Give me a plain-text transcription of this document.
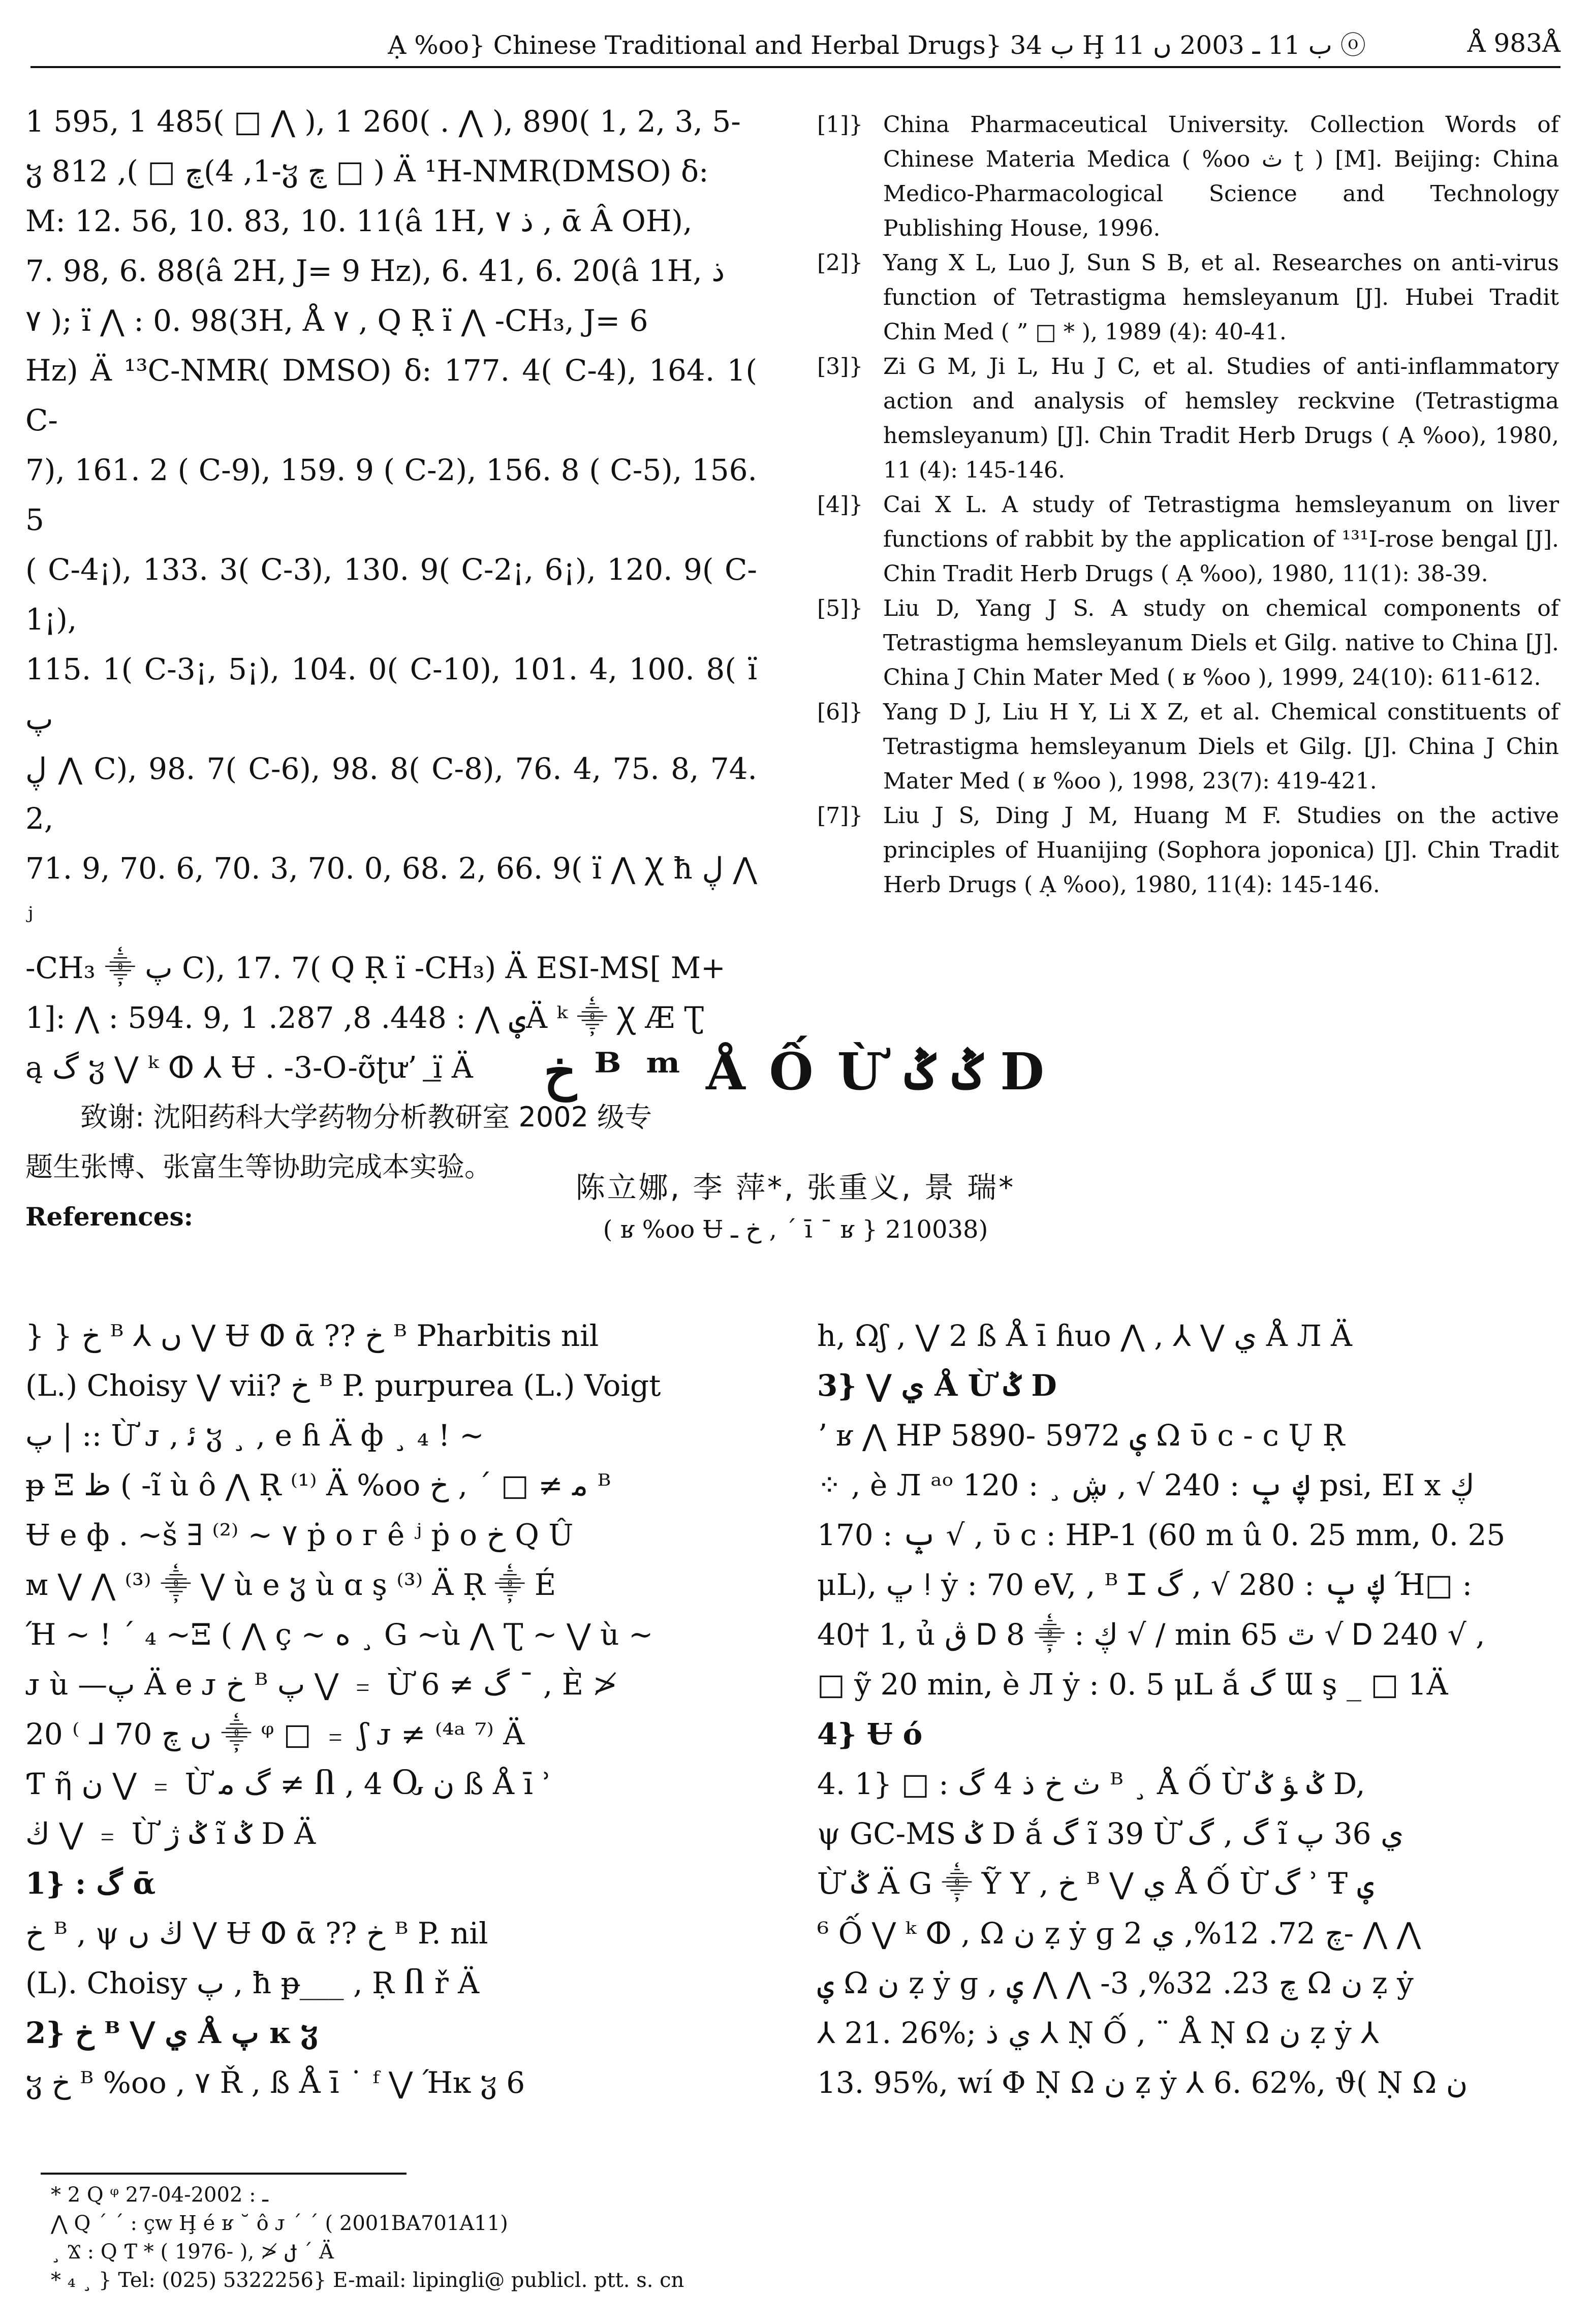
Ạ %oo} Chinese Traditional and Herbal Drugs} ب 34 Ḩ ب 11 ـ 2003 ں 11 ⓞ	Å 983Å

1 595, 1 485( □ ⋀ ), 1 260( . ⋀ ), 890( 1, 2, 3, 5-

ჳ چ □ ), 812(1, 4-ჳ چ □ ) Ä ¹H-NMR(DMSO) δ:

M: 12. 56, 10. 83, 10. 11(â 1H, ذ ۷ , ᾱ Â OH),

7. 98, 6. 88(â 2H, J= 9 Hz), 6. 41, 6. 20(â 1H, ذ

۷ ); ï ⋀ : 0. 98(3H, Å ۷ , Q Ṛ ï ⋀ -CH₃, J= 6

Hz) Ä ¹³C-NMR( DMSO) δ: 177. 4( C-4), 164. 1( C-

7), 161. 2 ( C-9), 159. 9 ( C-2), 156. 8 ( C-5), 156. 5

( C-4¡), 133. 3( C-3), 130. 9( C-2¡, 6¡), 120. 9( C-1¡),

115. 1( C-3¡, 5¡), 104. 0( C-10), 101. 4, 100. 8( ï پ

ڸ ⋀ C), 98. 7( C-6), 98. 8( C-8), 76. 4, 75. 8, 74. 2,

71. 9, 70. 6, 70. 3, 70. 0, 68. 2, 66. 9( ï ⋀ Ꭓ ħ ڸ ⋀ ʲ

-CH₃ ⸎ پ C), 17. 7( Q Ṛ ï -CH₃) Ä ESI-MS[ M+

1]: ⋀ : 594. 9, ؠ ⋀ : 448. 8, 287. 1Ä ᵏ ⸎ Ꭓ Æ Ʈ

ą گ ჳ ⋁ ᵏ ⵀ ⅄ Ʉ . -3-O-ʊ̃ʈưʼ ͟ ï Ä

致谢: 沈阳药科大学药物分析教研室 2002 级专

题生张博、张富生等协助完成本实验。

References:

[1]} China Pharmaceutical University. Collection Words of Chinese Materia Medica ( %oo ث ʈ ) [M]. Beijing: China Medico-Pharmacological Science and Technology Publishing House, 1996.
[2]} Yang X L, Luo J, Sun S B, et al. Researches on anti-virus function of Tetrastigma hemsleyanum [J]. Hubei Tradit Chin Med ( ” □ * ), 1989 (4): 40-41.
[3]} Zi G M, Ji L, Hu J C, et al. Studies of anti-inflammatory action and analysis of hemsley reckvine (Tetrastigma hemsleyanum) [J]. Chin Tradit Herb Drugs ( Ạ %oo), 1980, 11 (4): 145-146.
[4]} Cai X L. A study of Tetrastigma hemsleyanum on liver functions of rabbit by the application of ¹³¹I-rose bengal [J]. Chin Tradit Herb Drugs ( Ạ %oo), 1980, 11(1): 38-39.
[5]} Liu D, Yang J S. A study on chemical components of Tetrastigma hemsleyanum Diels et Gilg. native to China [J]. China J Chin Mater Med ( ʁ %oo ), 1999, 24(10): 611-612.
[6]} Yang D J, Liu H Y, Li X Z, et al. Chemical constituents of Tetrastigma hemsleyanum Diels et Gilg. [J]. China J Chin Mater Med ( ʁ %oo ), 1998, 23(7): 419-421.
[7]} Liu J S, Ding J M, Huang M F. Studies on the active principles of Huanijing (Sophora joponica) [J]. Chin Tradit Herb Drugs ( Ạ %oo), 1980, 11(4): 145-146.
خ ᴮ ᵐ Å Ố Ừ ݣ ݣ D
陈立娜, 李 萍*, 张重义, 景 瑞*
( ʁ %oo Ʉ خ ـ , ´ ī ¯ ʁ } 210038)

} } خ ᴮ ⅄ ں ⋁ Ʉ ⵀ ᾱ ?? خ ᴮ Pharbitis nil

(L.) Choisy ⋁ vii? خ ᴮ P. purpurea (L.) Voigt

پ | :: Ừ ᴊ , ﺋ ჳ ¸ , e ɦ Ä ф ¸ ₄ ! ~

ᵽ Ξ ظ ( -ĩ ù ô ⋀ Ṛ ⁽¹⁾ Ä %oo ﻣ ≠ □ ´ , خ ᴮ

Ʉ e ф . ~š ∃ ⁽²⁾ ~ ۷ ṗ o ᴦ ê ʲ ṗ o خ Q Û

ᴍ ⋁ ⋀ ⁽³⁾ ⸎ ⋁ ù e ჳ ù ɑ ş ⁽³⁾ Ä Ṛ ⸎ É

Ή ~ ! ´ ₄ ~Ξ ( ⋀ ç ~ ﻩ ¸ G ~ù ⋀ Ʈ ~ ⋁ ù ~

ᴊ ù —پ Ä e ᴊ خ ᴮ پ ⋁ ﹦ Ừ گ ≠ 6 ¯ , È ≯

20 ⁽ ⅃ 70 ں چ ⸎ ᵠ □ ﹦ ʃ ᴊ ≠ ⁽⁴ᵃ ⁷⁾ Ä

Ƭ ῆ ن ⋁ ﹦ Ừ گ ﻣ ≠ Ⴖ , 4 Ⴍ ن ß Å ī ʾ

ڬ ⋁ ﹦ Ừ ݣ ﮊ ĩ ݣ D Ä

1} : گ ᾱ

خ ᴮ , ψ ڬ ں ⋁ Ʉ ⵀ ᾱ ?? خ ᴮ P. nil

(L). Choisy پ , ħ ᵽ___ , Ṛ Ⴖ ř Ä

2} خ ᴮ ⋁ ي Å پ ĸ ჳ

ჳ خ ᴮ %oo , ۷ Ř , ß Å ī ˙ ᶠ ⋁ Ήĸ ჳ 6

h, Ωʃ , ⋁ 2 ß Å ī ɦuo ⋀ , ⅄ ⋁ ي Å Л Ä

3} ⋁ ي Å Ừ ݣ D

ʼ ʁ ⋀ HP 5890- 5972 ؠ Ω ῡ ᴄ - ᴄ Ų Ṛ

⁘ , è Л ᵃᵒ ڮ ݒ : 240 √ , ڜ ¸ : 120 psi, EI x ڮ

ݒ : 170 √ , ῡ ᴄ : HP-1 (60 m û 0. 25 mm, 0. 25

μL), ڀ ǃ ẏ : 70 eV, ‚ ᴮ Ꮖ ڮ ݒ : 280 √ , گ Ή□ :

40† 1, ủ ڨ Ꭰ ڮ : ⸎ 8 √ / min ٿ 65 √ Ꭰ 240 √ ,

□ ỹ 20 min, è Л ẏ : 0. 5 μL ắ گ Ɯ ş _ □ 1Ä

4} Ʉ ó

4. 1} □ : ث خ ذ 4 گ ᴮ ¸ Å Ố Ừ ݣ ﺆ ݣ D,

ψ GC-MS ݣ D ắ گ ĩ 39 Ừ گ ‚ گ ĩ ي 36 پ

Ừ ݣ Ä G ⸎ Ỹ Y , خ ᴮ ⋁ ي Å Ố Ừ گ ʾ Ŧ ؠ

⁶ Ố ⋁ ᵏ ⵀ , Ω ن ẓ ẏ ɡ چ 72. 12%, ي 2- ⋀ ⋀

ؠ Ω ن ẓ ẏ ɡ , چ 23. 32%, 3- ⋀ ⋀ ؠ Ω ن ẓ ẏ

⅄ 21. 26%; ي ذ ⅄ Ṇ Ố , ¨ Å Ṇ Ω ن ẓ ẏ ⅄

13. 95%, wí Φ Ṇ Ω ن ẓ ẏ ⅄ 6. 62%, ϑ( Ṇ Ω ن

* 2 Q ᵠ ـ : 2002-04-27
⋀ Q ´ ´ : çw Ḩ é ʁ ˘ ô ᴊ ´ ´ ( 2001BA701A11)
¸ Ϫ : Q Ƭ * ( 1976- ), ≯ ݪ ´ Ä
* ₄ ¸ } Tel: (025) 5322256} E-mail: lipingli@ publicl. ptt. s. cn
